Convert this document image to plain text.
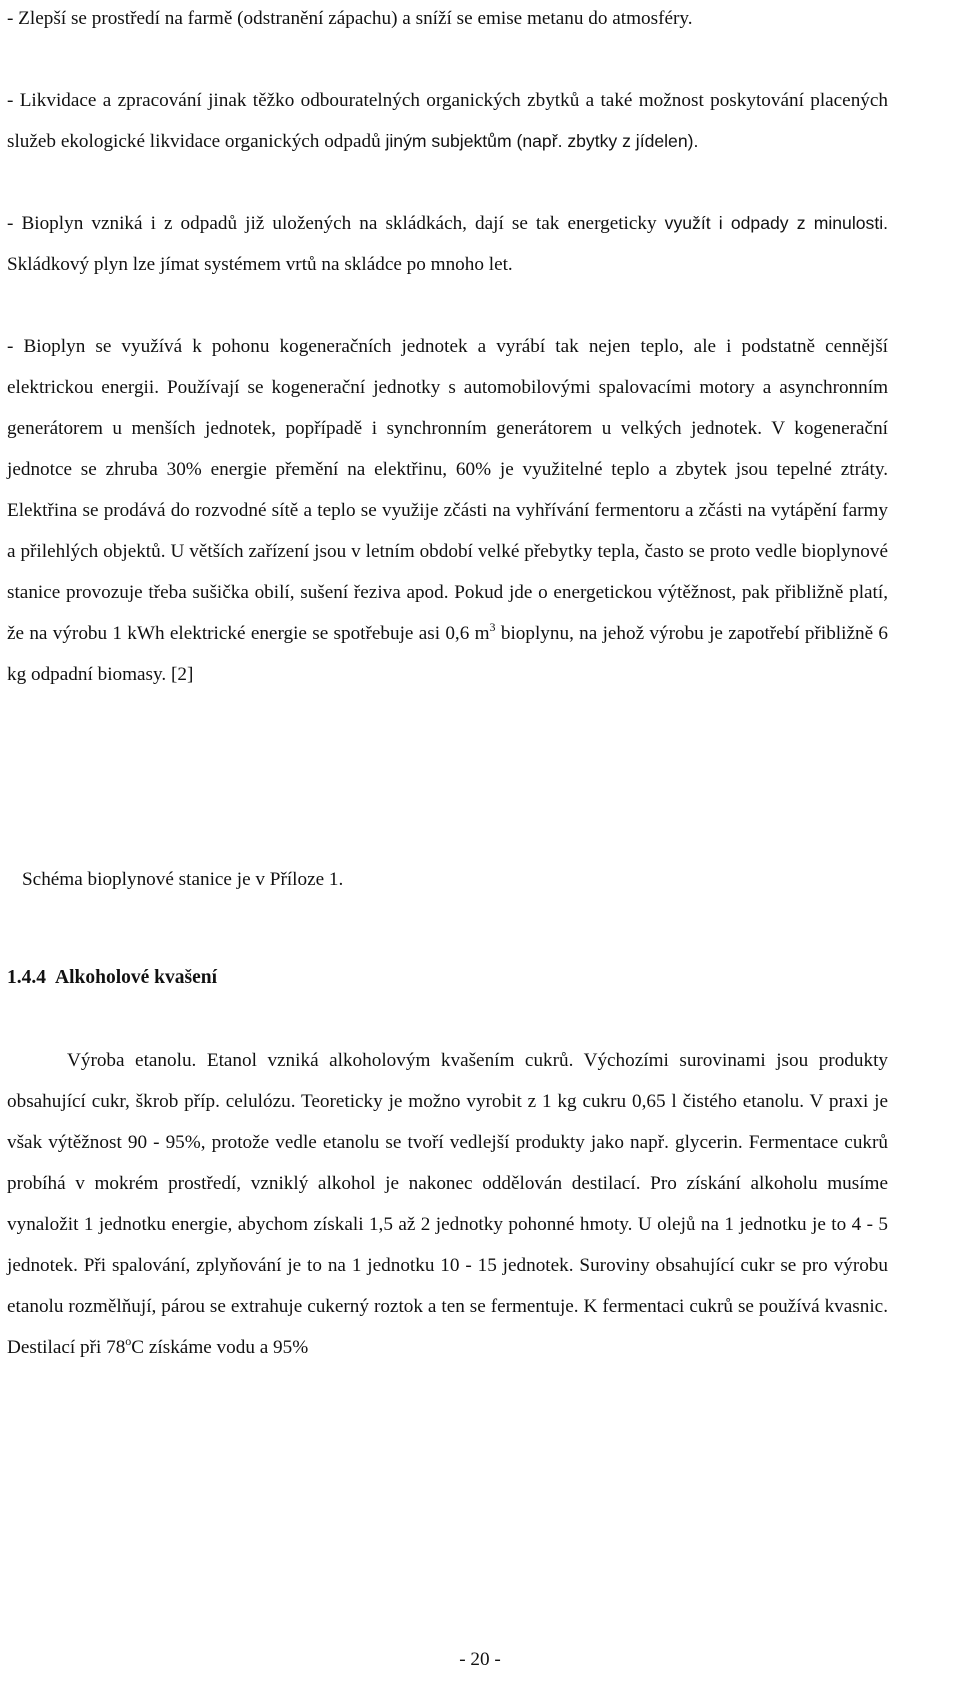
- Zlepší se prostředí na farmě (odstranění zápachu) a sníží se emise metanu do atmosféry.

- Likvidace a zpracování jinak těžko odbouratelných organických zbytků a také možnost poskytování placených služeb ekologické likvidace organických odpadů jiným subjektům (např. zbytky z jídelen).

- Bioplyn vzniká i z odpadů již uložených na skládkách, dají se tak energeticky využít i odpady z minulosti. Skládkový plyn lze jímat systémem vrtů na skládce po mnoho let.

- Bioplyn se využívá k pohonu kogeneračních jednotek a vyrábí tak nejen teplo, ale i podstatně cennější elektrickou energii. Používají se kogenerační jednotky s automobilovými spalovacími motory a asynchronním generátorem u menších jednotek, popřípadě i synchronním generátorem u velkých jednotek. V kogenerační jednotce se zhruba 30% energie přemění na elektřinu, 60% je využitelné teplo a zbytek jsou tepelné ztráty. Elektřina se prodává do rozvodné sítě a teplo se využije zčásti na vyhřívání fermentoru a zčásti na vytápění farmy a přilehlých objektů. U větších zařízení jsou v letním období velké přebytky tepla, často se proto vedle bioplynové stanice provozuje třeba sušička obilí, sušení řeziva apod. Pokud jde o energetickou výtěžnost, pak přibližně platí, že na výrobu 1 kWh elektrické energie se spotřebuje asi 0,6 $m^3$ bioplynu, na jehož výrobu je zapotřebí přibližně 6 kg odpadní biomasy. [2]

Schéma bioplynové stanice je v Příloze 1.

1.4.4 Alkoholové kvašení

Výroba etanolu. Etanol vzniká alkoholovým kvašením cukrů. Výchozími surovinami jsou produkty obsahující cukr, škrob příp. celulózu. Teoreticky je možno vyrobit z 1 kg cukru 0,65 l čistého etanolu. V praxi je však výtěžnost 90 - 95%, protože vedle etanolu se tvoří vedlejší produkty jako např. glycerin. Fermentace cukrů probíhá v mokrém prostředí, vzniklý alkohol je nakonec oddělován destilací. Pro získání alkoholu musíme vynaložit 1 jednotku energie, abychom získali 1,5 až 2 jednotky pohonné hmoty. U olejů na 1 jednotku je to 4 - 5 jednotek. Při spalování, zplyňování je to na 1 jednotku 10 - 15 jednotek. Suroviny obsahující cukr se pro výrobu etanolu rozmělňují, párou se extrahuje cukerný roztok a ten se fermentuje. K fermentaci cukrů se používá kvasnic. Destilací při 78$^o$C získáme vodu a 95%

- 20 -
